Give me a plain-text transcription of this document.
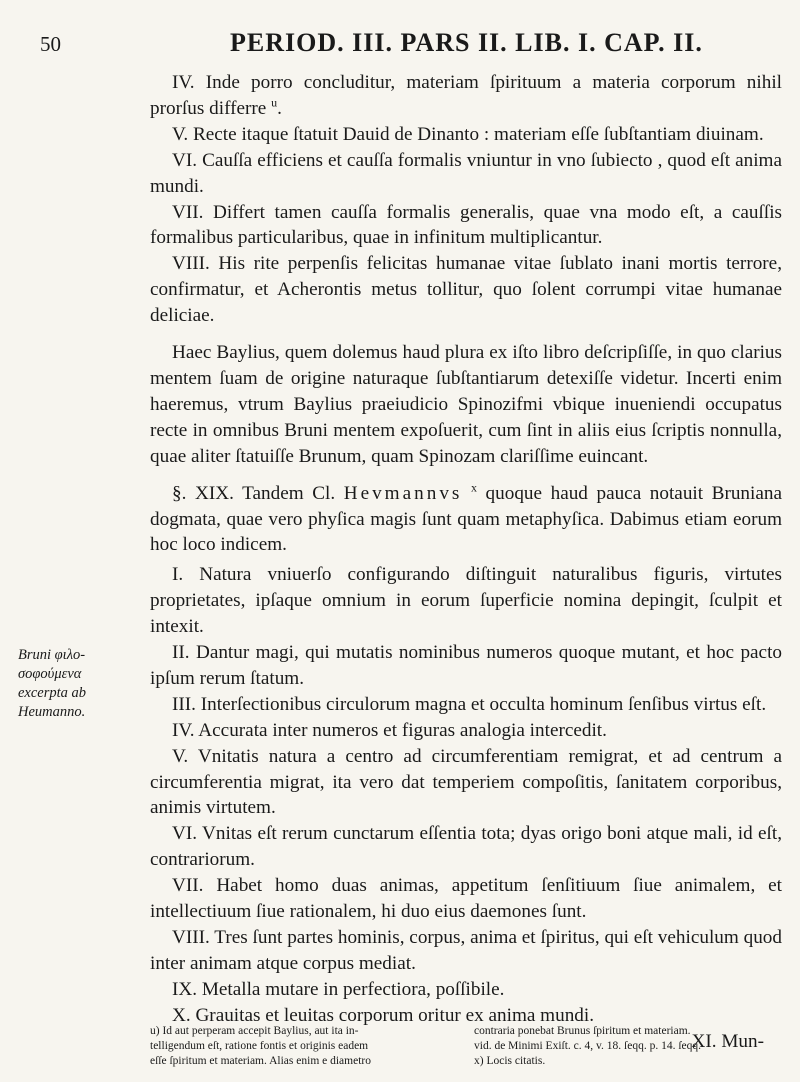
50	PERIOD. III. PARS II. LIB. I. CAP. II.

IV. Inde porro concluditur, materiam ſpirituum a materia corporum nihil prorſus differre $^u$.

V. Recte itaque ſtatuit Dauid de Dinanto : materiam eſſe ſubſtantiam diuinam.

VI. Cauſſa efficiens et cauſſa formalis vniuntur in vno ſubiecto , quod eſt anima mundi.

VII. Differt tamen cauſſa formalis generalis, quae vna modo eſt, a cauſſis formalibus particularibus, quae in infinitum multiplicantur.

VIII. His rite perpenſis felicitas humanae vitae ſublato inani mortis terrore, confirmatur, et Acherontis metus tollitur, quo ſolent corrumpi vitae humanae deliciae.

Haec Baylius, quem dolemus haud plura ex iſto libro deſcripſiſſe, in quo clarius mentem ſuam de origine naturaque ſubſtantiarum detexiſſe videtur. Incerti enim haeremus, vtrum Baylius praeiudicio Spinozifmi vbique inueniendi occupatus recte in omnibus Bruni mentem expoſuerit, cum ſint in aliis eius ſcriptis nonnulla, quae aliter ſtatuiſſe Brunum, quam Spinozam clariſſime euincant.

§. XIX. Tandem Cl. Hevmannvs $^x$ quoque haud pauca notauit Bruniana dogmata, quae vero phyſica magis ſunt quam metaphyſica. Dabimus etiam eorum hoc loco indicem.

I. Natura vniuerſo configurando diſtinguit naturalibus figuris, virtutes proprietates, ipſaque omnium in eorum ſuperficie nomina depingit, ſculpit et intexit.

II. Dantur magi, qui mutatis nominibus numeros quoque mutant, et hoc pacto ipſum rerum ſtatum.

III. Interſectionibus circulorum magna et occulta hominum ſenſibus virtus eſt.

IV. Accurata inter numeros et figuras analogia intercedit.

V. Vnitatis natura a centro ad circumferentiam remigrat, et ad centrum a circumferentia migrat, ita vero dat temperiem compoſitis, ſanitatem corporibus, animis virtutem.

VI. Vnitas eſt rerum cunctarum eſſentia tota; dyas origo boni atque mali, id eſt, contrariorum.

VII. Habet homo duas animas, appetitum ſenſitiuum ſiue animalem, et intellectiuum ſiue rationalem, hi duo eius daemones ſunt.

VIII. Tres ſunt partes hominis, corpus, anima et ſpiritus, qui eſt vehiculum quod inter animam atque corpus mediat.

IX. Metalla mutare in perfectiora, poſſibile.

X. Grauitas et leuitas corporum oritur ex anima mundi.

XI. Mun-

Bruni φιλο-
σοφούμενα
excerpta ab
Heumanno.
u) Id aut perperam accepit Baylius, aut ita in-
telligendum eſt, ratione fontis et originis eadem
eſſe ſpiritum et materiam. Alias enim e diametro
contraria ponebat Brunus ſpiritum et materiam.
vid. de Minimi Exiſt. c. 4, v. 18. ſeqq. p. 14. ſeqq.
x) Locis citatis.
